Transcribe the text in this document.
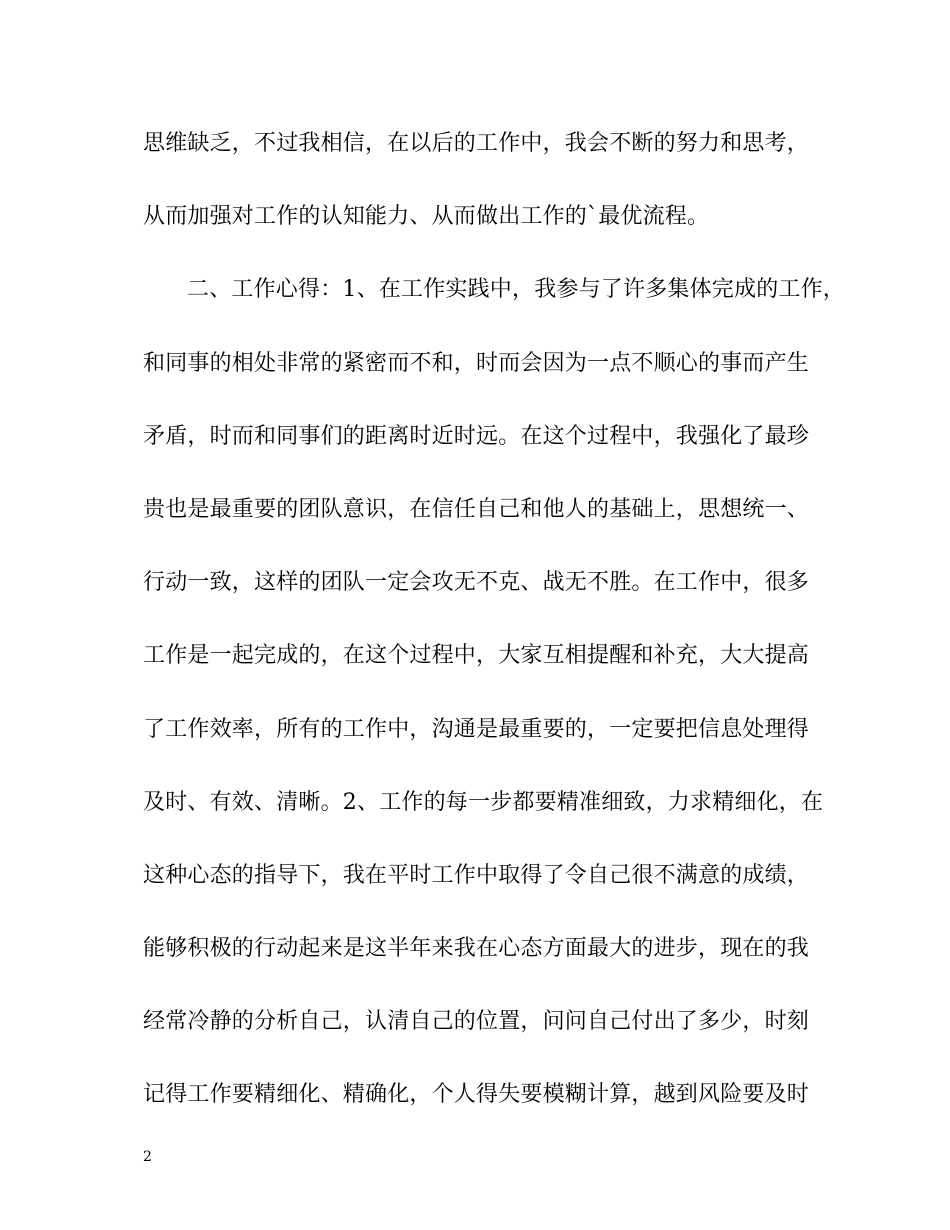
思维缺乏，不过我相信，在以后的工作中，我会不断的努力和思考，
从而加强对工作的认知能力、从而做出工作的`最优流程。
二、工作心得：1、在工作实践中，我参与了许多集体完成的工作，
和同事的相处非常的紧密而不和，时而会因为一点不顺心的事而产生
矛盾，时而和同事们的距离时近时远。在这个过程中，我强化了最珍
贵也是最重要的团队意识，在信任自己和他人的基础上，思想统一、
行动一致，这样的团队一定会攻无不克、战无不胜。在工作中，很多
工作是一起完成的，在这个过程中，大家互相提醒和补充，大大提高
了工作效率，所有的工作中，沟通是最重要的，一定要把信息处理得
及时、有效、清晰。2、工作的每一步都要精准细致，力求精细化，在
这种心态的指导下，我在平时工作中取得了令自己很不满意的成绩，
能够积极的行动起来是这半年来我在心态方面最大的进步，现在的我
经常冷静的分析自己，认清自己的位置，问问自己付出了多少，时刻
记得工作要精细化、精确化，个人得失要模糊计算，越到风险要及时
2
